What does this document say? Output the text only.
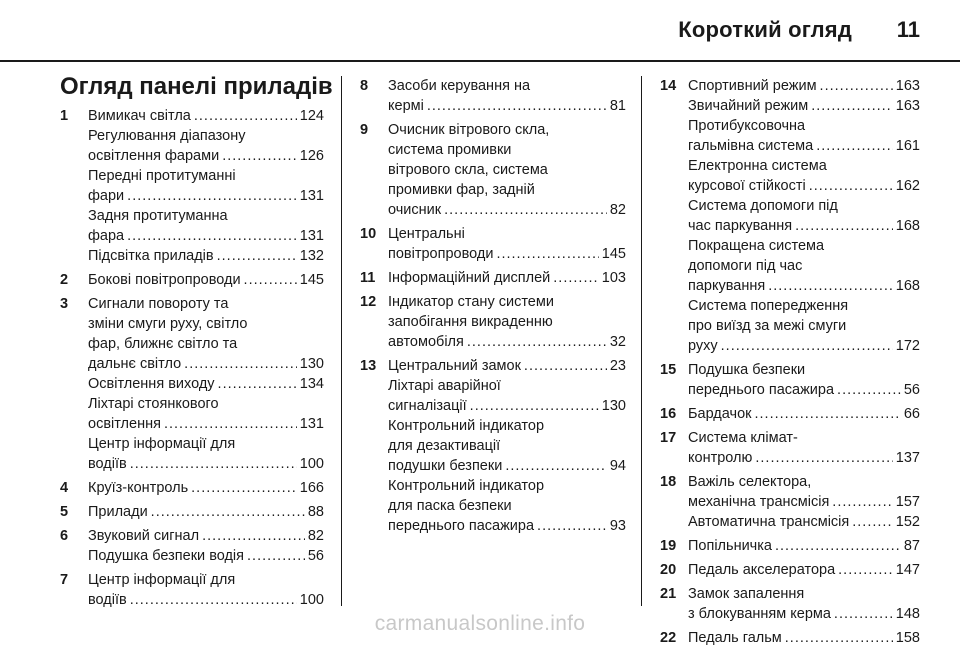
Короткий огляд 11
Огляд панелі приладів
1	Вимикач світла .....	124
Регулювання діапазону
освітлення фарами .....	126
Передні протитуманні
фари .....	131
Задня протитуманна
фара .....	131
Підсвітка приладів .....	132
2	Бокові повітропроводи .....	145
3	Сигнали повороту та
зміни смуги руху, світло
фар, ближнє світло та
дальнє світло .....	130
Освітлення виходу .....	134
Ліхтарі стоянкового
освітлення .....	131
Центр інформації для
водіїв .....	100
4	Круїз-контроль .....	166
5	Прилади .....	88
6	Звуковий сигнал .....	82
Подушка безпеки водія .....	56
7	Центр інформації для
водіїв .....	100
8	Засоби керування на
кермі .....	81
9	Очисник вітрового скла,
система промивки
вітрового скла, система
промивки фар, задній
очисник .....	82
10 Центральні
повітропроводи .....	145
11 Інформаційний дисплей .....	103
12 Індикатор стану системи
запобігання викраденню
автомобіля .....	32
13 Центральний замок .....	23
Ліхтарі аварійної
сигналізації .....	130
Контрольний індикатор
для дезактивації
подушки безпеки .....	94
Контрольний індикатор
для паска безпеки
переднього пасажира .....	93
14 Спортивний режим .....	163
Звичайний режим .....	163
Протибуксовочна
гальмівна система .....	161
Електронна система
курсової стійкості .....	162
Система допомоги під
час паркування .....	168
Покращена система
допомоги під час
паркування .....	168
Система попередження
про виїзд за межі смуги
руху .....	172
15 Подушка безпеки
переднього пасажира .....	56
16 Бардачок .....	66
17 Система клімат-
контролю .....	137
18 Важіль селектора,
механічна трансмісія .....	157
Автоматична трансмісія .....	152
19 Попільничка .....	87
20 Педаль акселератора .....	147
21 Замок запалення
з блокуванням керма .....	148
22 Педаль гальм .....	158
carmanualsonline.info
